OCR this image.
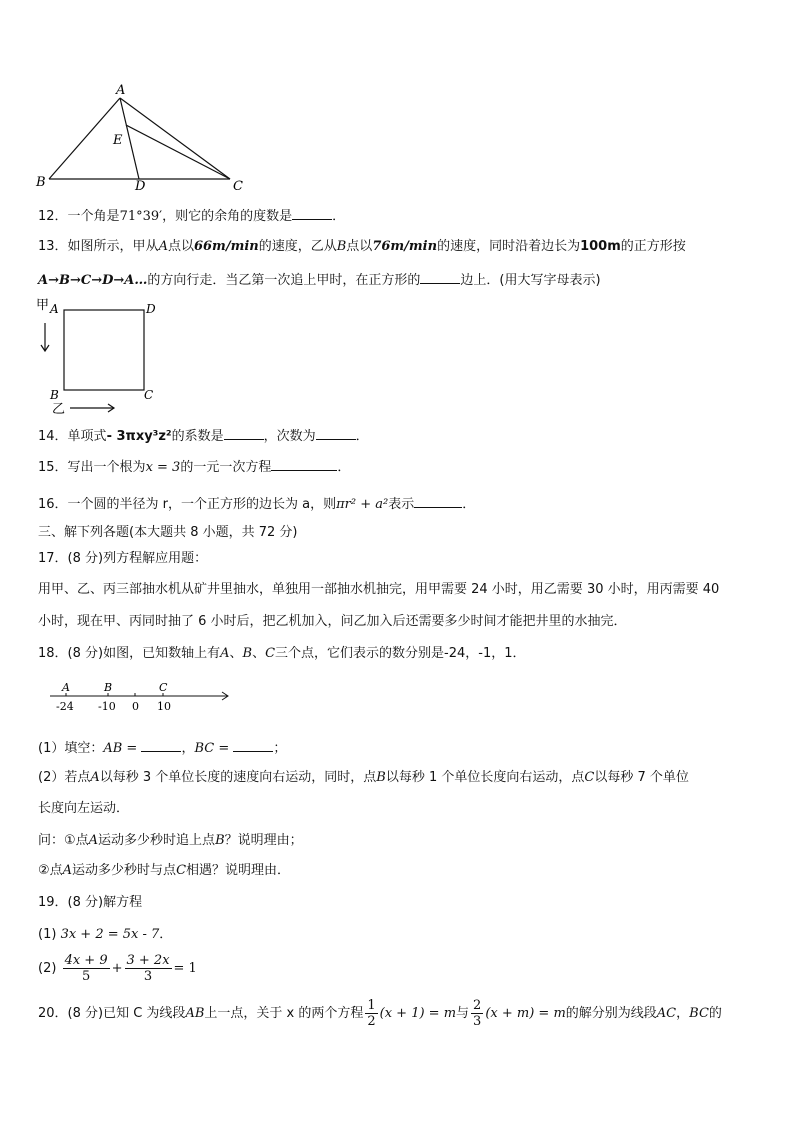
A
E
B	D	C
12．一个角是71°39′，则它的余角的度数是	．
13．如图所示，甲从A点以66m/min的速度，乙从B点以76m/min的速度，同时沿着边长为100m的正方形按
A→B→C→D→A…的方向行走．当乙第一次追上甲时，在正方形的	边上．(用大写字母表示)
甲 A	D
B	C
乙
14．单项式- 3πxy³z²的系数是	，次数为	．
15．写出一个根为x = 3的一元一次方程	．
16．一个圆的半径为 r，一个正方形的边长为 a，则πr² + a²表示	．
三、解下列各题(本大题共 8 小题，共 72 分)
17．(8 分)列方程解应用题：
用甲、乙、丙三部抽水机从矿井里抽水，单独用一部抽水机抽完，用甲需要 24 小时，用乙需要 30 小时，用丙需要 40
小时，现在甲、丙同时抽了 6 小时后，把乙机加入，问乙加入后还需要多少时间才能把井里的水抽完．
18．(8 分)如图，已知数轴上有A、B、C三个点，它们表示的数分别是-24，-1，1．
A	B	C
-24 -10 0 10
(1）填空：AB =	，BC =	；
(2）若点A以每秒 3 个单位长度的速度向右运动，同时，点B以每秒 1 个单位长度向右运动，点C以每秒 7 个单位
长度向左运动．
问：①点A运动多少秒时追上点B？说明理由；
②点A运动多少秒时与点C相遇？说明理由．
19．(8 分)解方程
(1) 3x + 2 = 5x - 7．
$(2) \frac{4x + 9}{5} + \frac{3 + 2x}{3} = 1$
20．(8 分)已知 C 为线段AB上一点，关于 x 的两个方程 $\frac{1}{2} (x + 1) = m$与 $\frac{2}{3} (x + m) = m$的解分别为线段AC，BC的
